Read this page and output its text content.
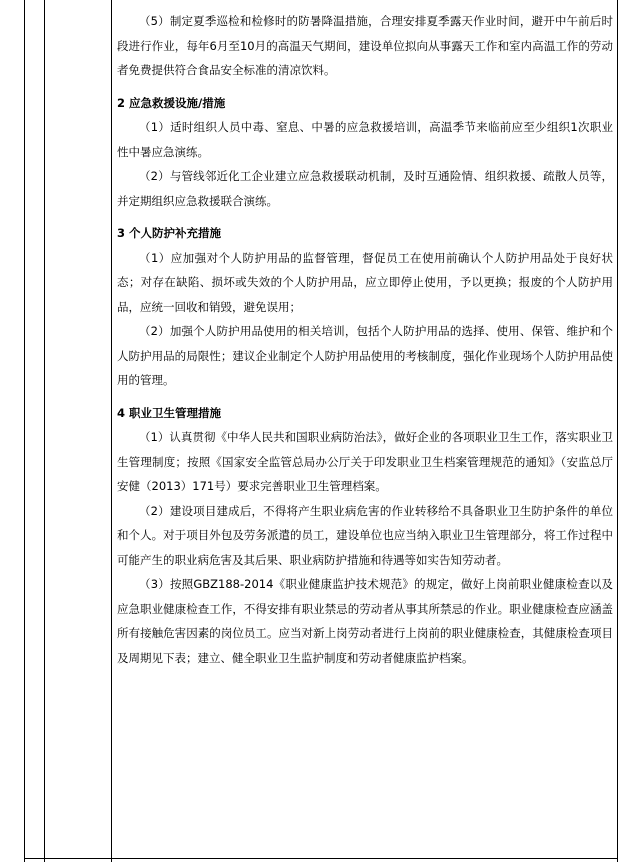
（5）制定夏季巡检和检修时的防暑降温措施，合理安排夏季露天作业时间，避开中午前后时段进行作业，每年6月至10月的高温天气期间，建设单位拟向从事露天工作和室内高温工作的劳动者免费提供符合食品安全标准的清凉饮料。

2 应急救援设施/措施

（1）适时组织人员中毒、窒息、中暑的应急救援培训，高温季节来临前应至少组织1次职业性中暑应急演练。

（2）与管线邻近化工企业建立应急救援联动机制，及时互通险情、组织救援、疏散人员等，并定期组织应急救援联合演练。

3 个人防护补充措施

（1）应加强对个人防护用品的监督管理，督促员工在使用前确认个人防护用品处于良好状态；对存在缺陷、损坏或失效的个人防护用品，应立即停止使用，予以更换；报废的个人防护用品，应统一回收和销毁，避免误用；

（2）加强个人防护用品使用的相关培训，包括个人防护用品的选择、使用、保管、维护和个人防护用品的局限性；建议企业制定个人防护用品使用的考核制度，强化作业现场个人防护用品使用的管理。

4 职业卫生管理措施

（1）认真贯彻《中华人民共和国职业病防治法》，做好企业的各项职业卫生工作，落实职业卫生管理制度；按照《国家安全监管总局办公厅关于印发职业卫生档案管理规范的通知》（安监总厅安健（2013）171号）要求完善职业卫生管理档案。

（2）建设项目建成后，不得将产生职业病危害的作业转移给不具备职业卫生防护条件的单位和个人。对于项目外包及劳务派遣的员工，建设单位也应当纳入职业卫生管理部分，将工作过程中可能产生的职业病危害及其后果、职业病防护措施和待遇等如实告知劳动者。

（3）按照GBZ188-2014《职业健康监护技术规范》的规定，做好上岗前职业健康检查以及应急职业健康检查工作，不得安排有职业禁忌的劳动者从事其所禁忌的作业。职业健康检查应涵盖所有接触危害因素的岗位员工。应当对新上岗劳动者进行上岗前的职业健康检查，其健康检查项目及周期见下表；建立、健全职业卫生监护制度和劳动者健康监护档案。
